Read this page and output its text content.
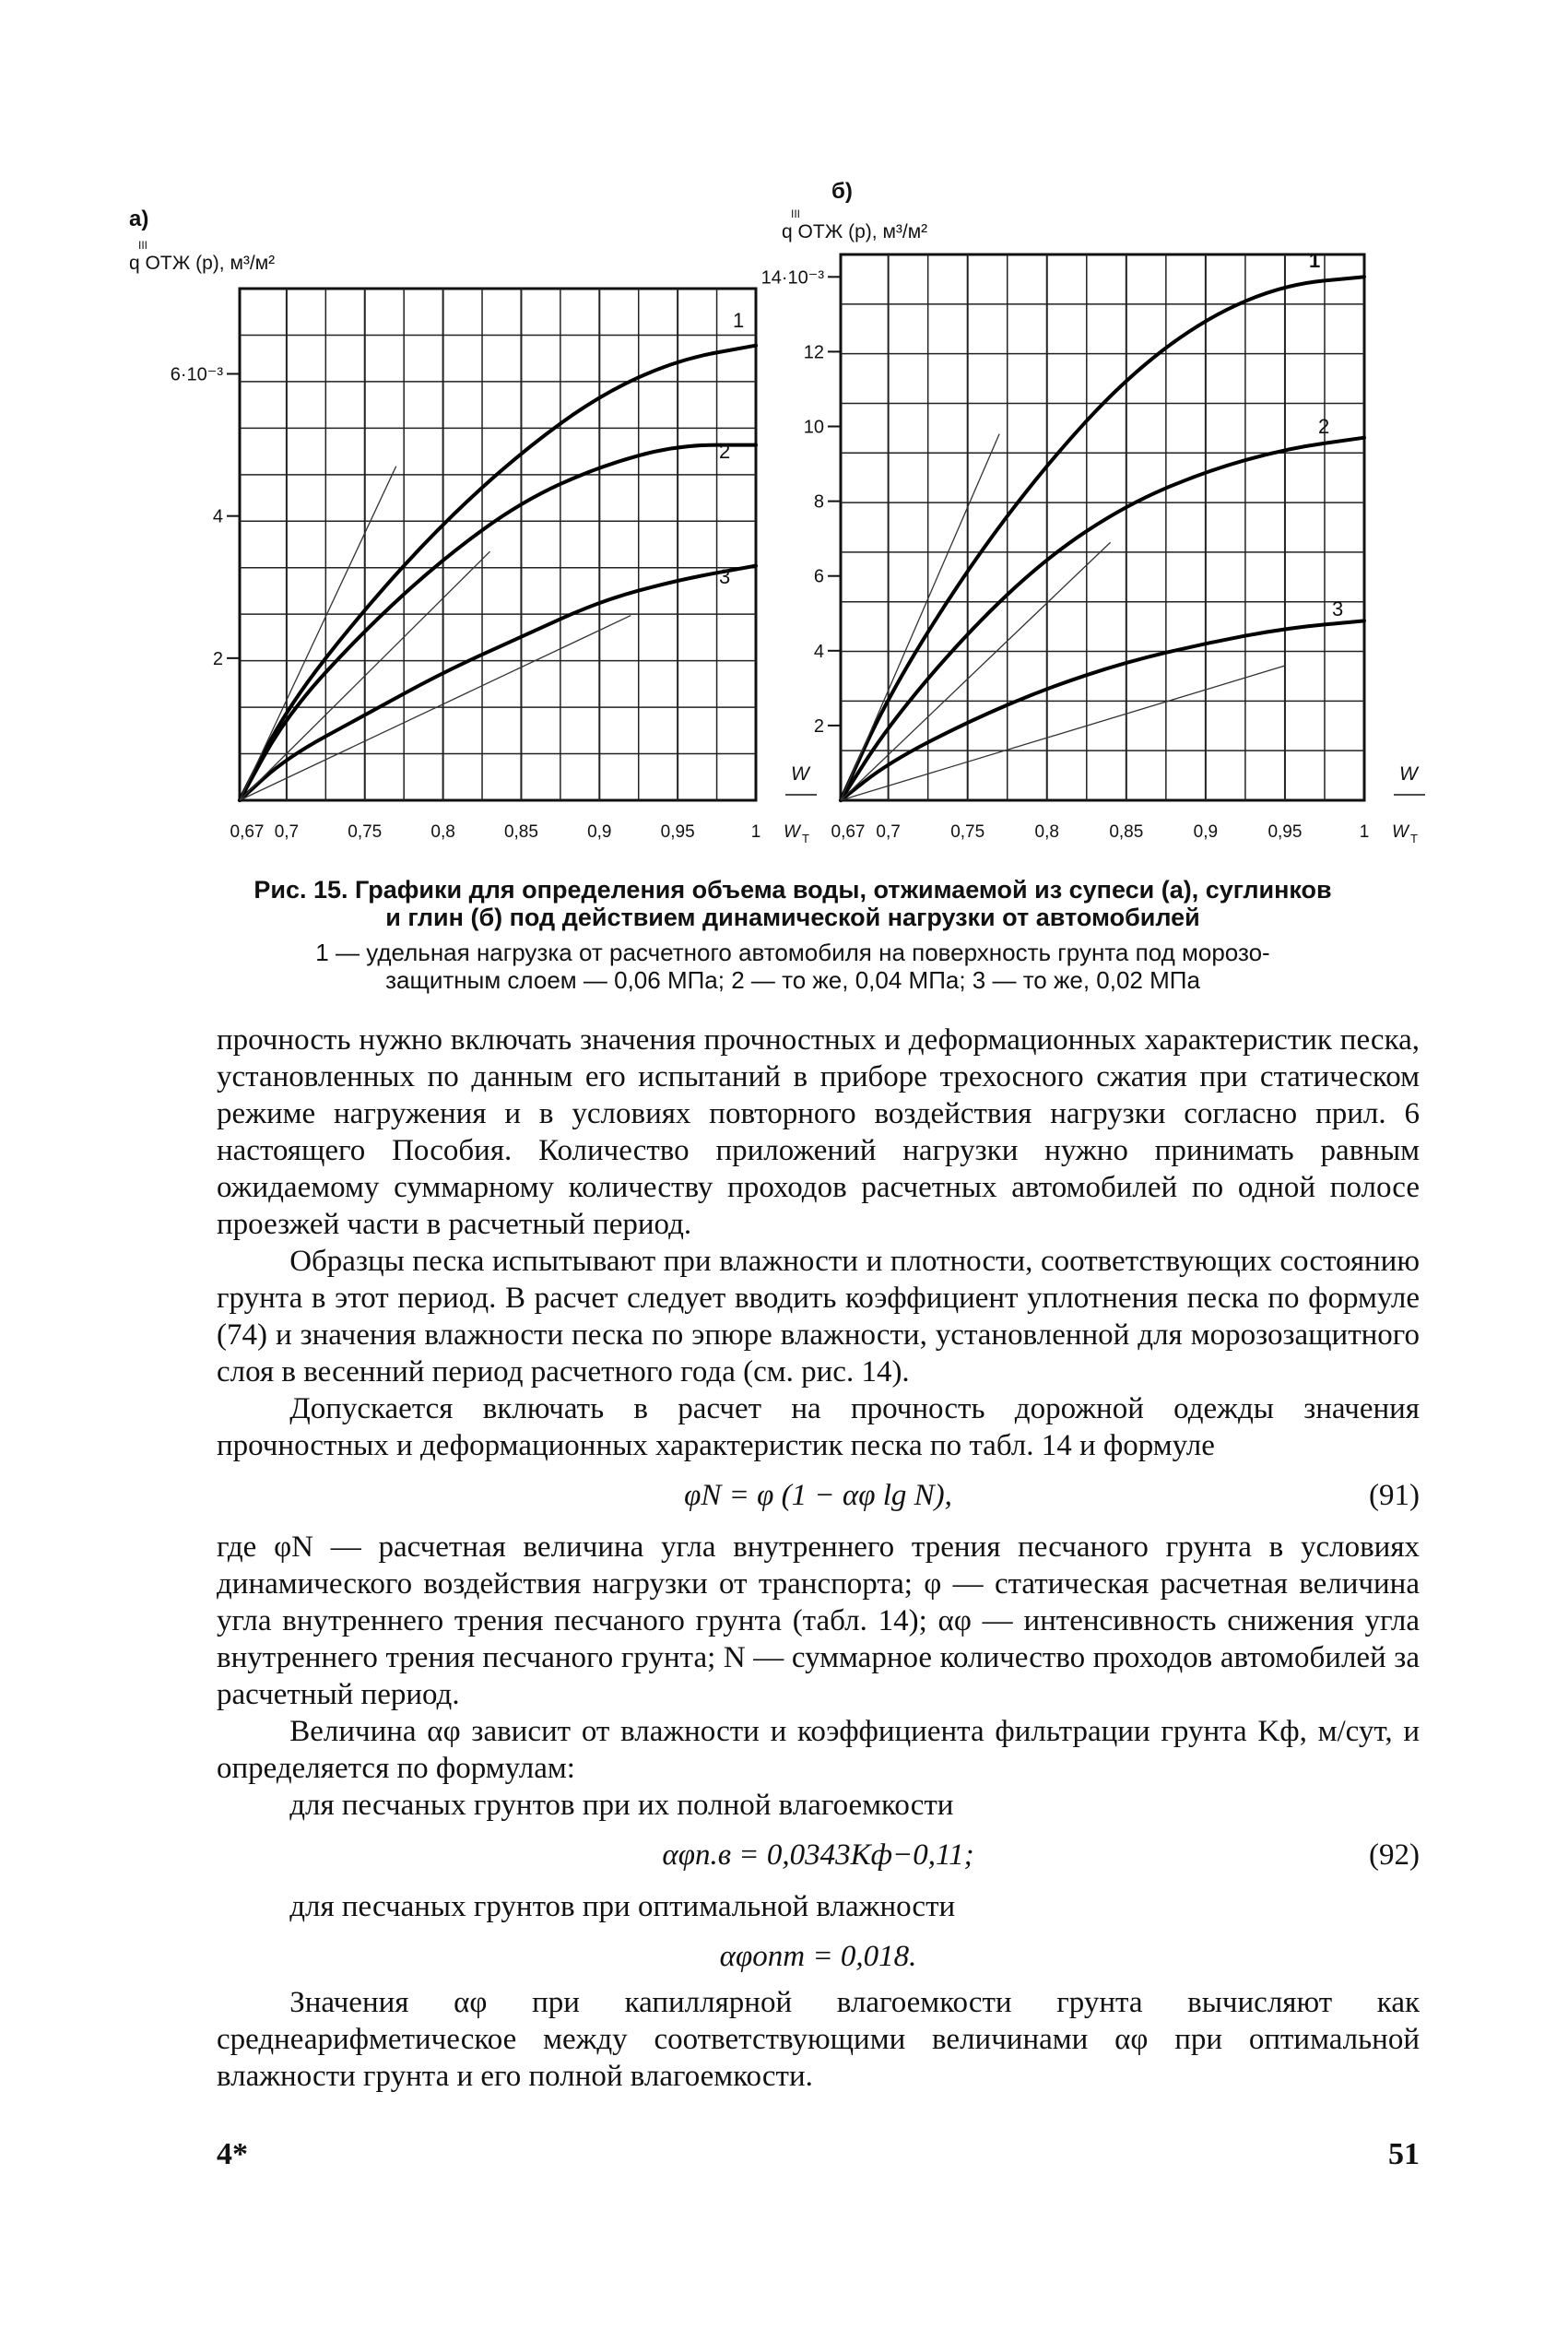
2
4
6·10⁻³
0,67 0,7	0,75	0,8	0,85	0,9	0,95	1
W
W T
а)
q ОТЖ (р), м³/м²
III
1
2
3
2
4
6
8
10
12
14·10⁻³
0,67 0,7	0,75	0,8	0,85	0,9	0,95	1
W
W T
б)
q ОТЖ (р), м³/м²
III
1
2
3

Рис. 15. Графики для определения объема воды, отжимаемой из супеси (а), суглинков
и глин (б) под действием динамической нагрузки от автомобилей

1 — удельная нагрузка от расчетного автомобиля на поверхность грунта под морозо-
защитным слоем — 0,06 МПа; 2 — то же, 0,04 МПа; 3 — то же, 0,02 МПа

прочность нужно включать значения прочностных и деформационных характеристик песка, установленных по данным его испытаний в приборе трехосного сжатия при статическом режиме нагружения и в условиях повторного воздействия нагрузки согласно прил. 6 настоящего Пособия. Количество приложений нагрузки нужно принимать равным ожидаемому суммарному количеству проходов расчетных автомобилей по одной полосе проезжей части в расчетный период.

Образцы песка испытывают при влажности и плотности, соответствующих состоянию грунта в этот период. В расчет следует вводить коэффициент уплотнения песка по формуле (74) и значения влажности песка по эпюре влажности, установленной для морозозащитного слоя в весенний период расчетного года (см. рис. 14).

Допускается включать в расчет на прочность дорожной одежды значения прочностных и деформационных характеристик песка по табл. 14 и формуле

φN = φ (1 − αφ lg N),	(91)

где φN — расчетная величина угла внутреннего трения песчаного грунта в условиях динамического воздействия нагрузки от транспорта; φ — статическая расчетная величина угла внутреннего трения песчаного грунта (табл. 14); αφ — интенсивность снижения угла внутреннего трения песчаного грунта; N — суммарное количество проходов автомобилей за расчетный период.

Величина αφ зависит от влажности и коэффициента фильтрации грунта Kф, м/сут, и определяется по формулам:

для песчаных грунтов при их полной влагоемкости

αφп.в = 0,0343Kф−0,11;	(92)

для песчаных грунтов при оптимальной влажности

αφопт = 0,018.

Значения αφ при капиллярной влагоемкости грунта вычисляют как среднеарифметическое между соответствующими величинами αφ при оптимальной влажности грунта и его полной влагоемкости.

4*	51
